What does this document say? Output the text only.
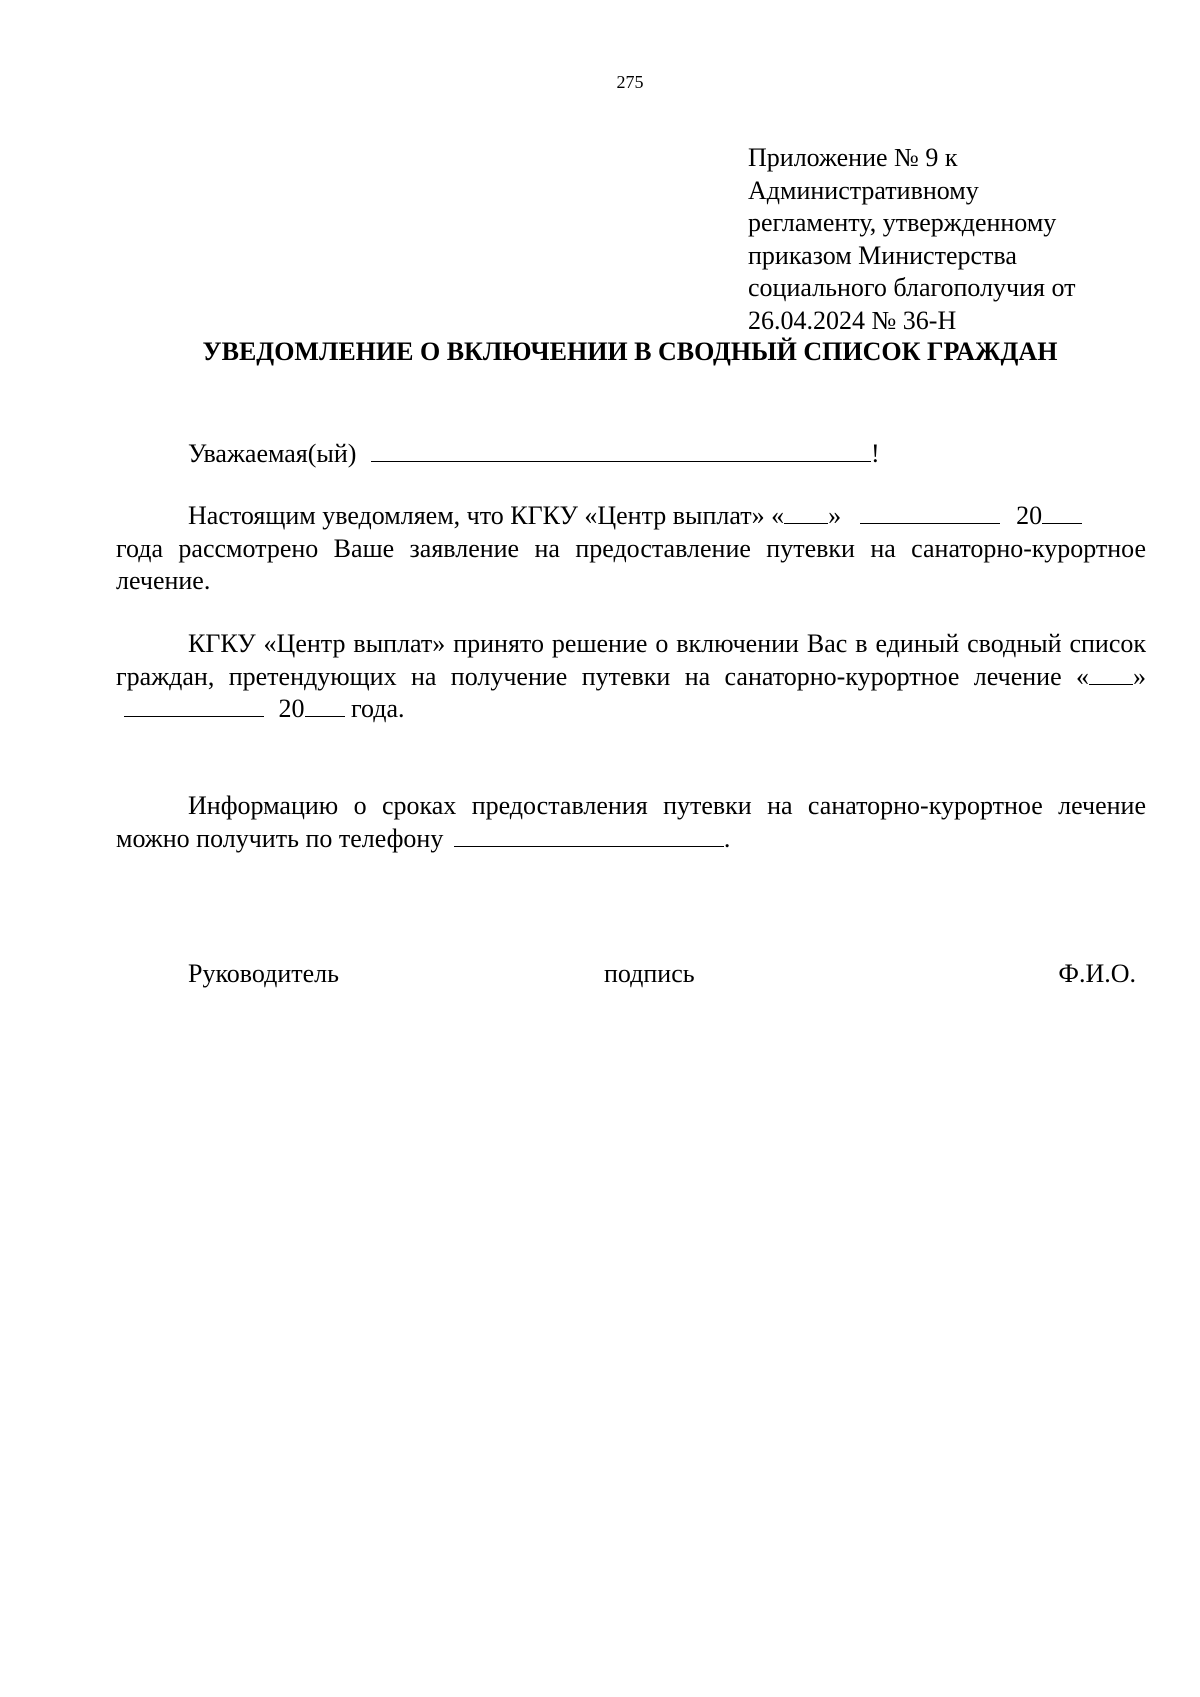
275
Приложение № 9 к
Административному
регламенту, утвержденному
приказом Министерства
социального благополучия от
26.04.2024 № 36-Н
УВЕДОМЛЕНИЕ О ВКЛЮЧЕНИИ В СВОДНЫЙ СПИСОК ГРАЖДАН
Уважаемая(ый)	!
Настоящим уведомляем, что КГКУ «Центр выплат» « »	20
года рассмотрено Ваше заявление на предоставление путевки на санаторно-курортное лечение.
КГКУ «Центр выплат» принято решение о включении Вас в единый сводный список граждан, претендующих на получение путевки на санаторно-курортное лечение « »  20 года.
Информацию о сроках предоставления путевки на санаторно-курортное лечение можно получить по телефону	.
Руководитель	подпись	Ф.И.О.
